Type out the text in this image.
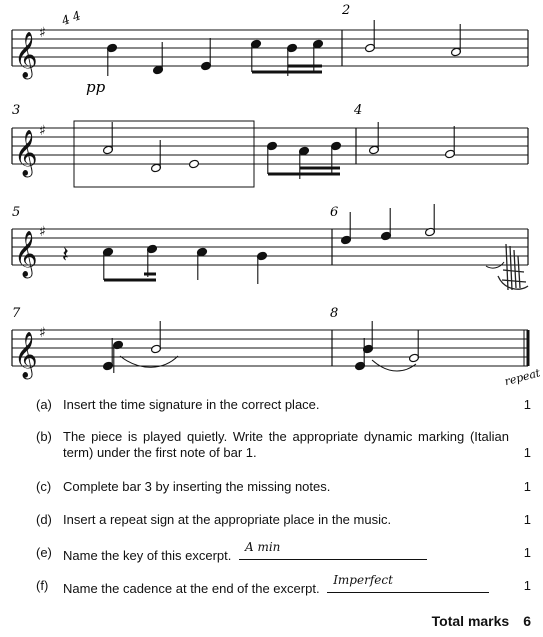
𝄞 ♯
𝄞 ♯
𝄞 ♯
𝄞 ♯
𝄽
2
3	4
5	6
7	8
4 4
pp
repeat
(a) Insert the time signature in the correct place.	1
(b) The piece is played quietly. Write the appropriate dynamic marking (Italian term) under the first note of bar 1.	1
(c) Complete bar 3 by inserting the missing notes.	1
(d) Insert a repeat sign at the appropriate place in the music.	1
(e) Name the key of this excerpt.
A min	1
(f) Name the cadence at the end of the excerpt.
Imperfect	1
Total marks 6
